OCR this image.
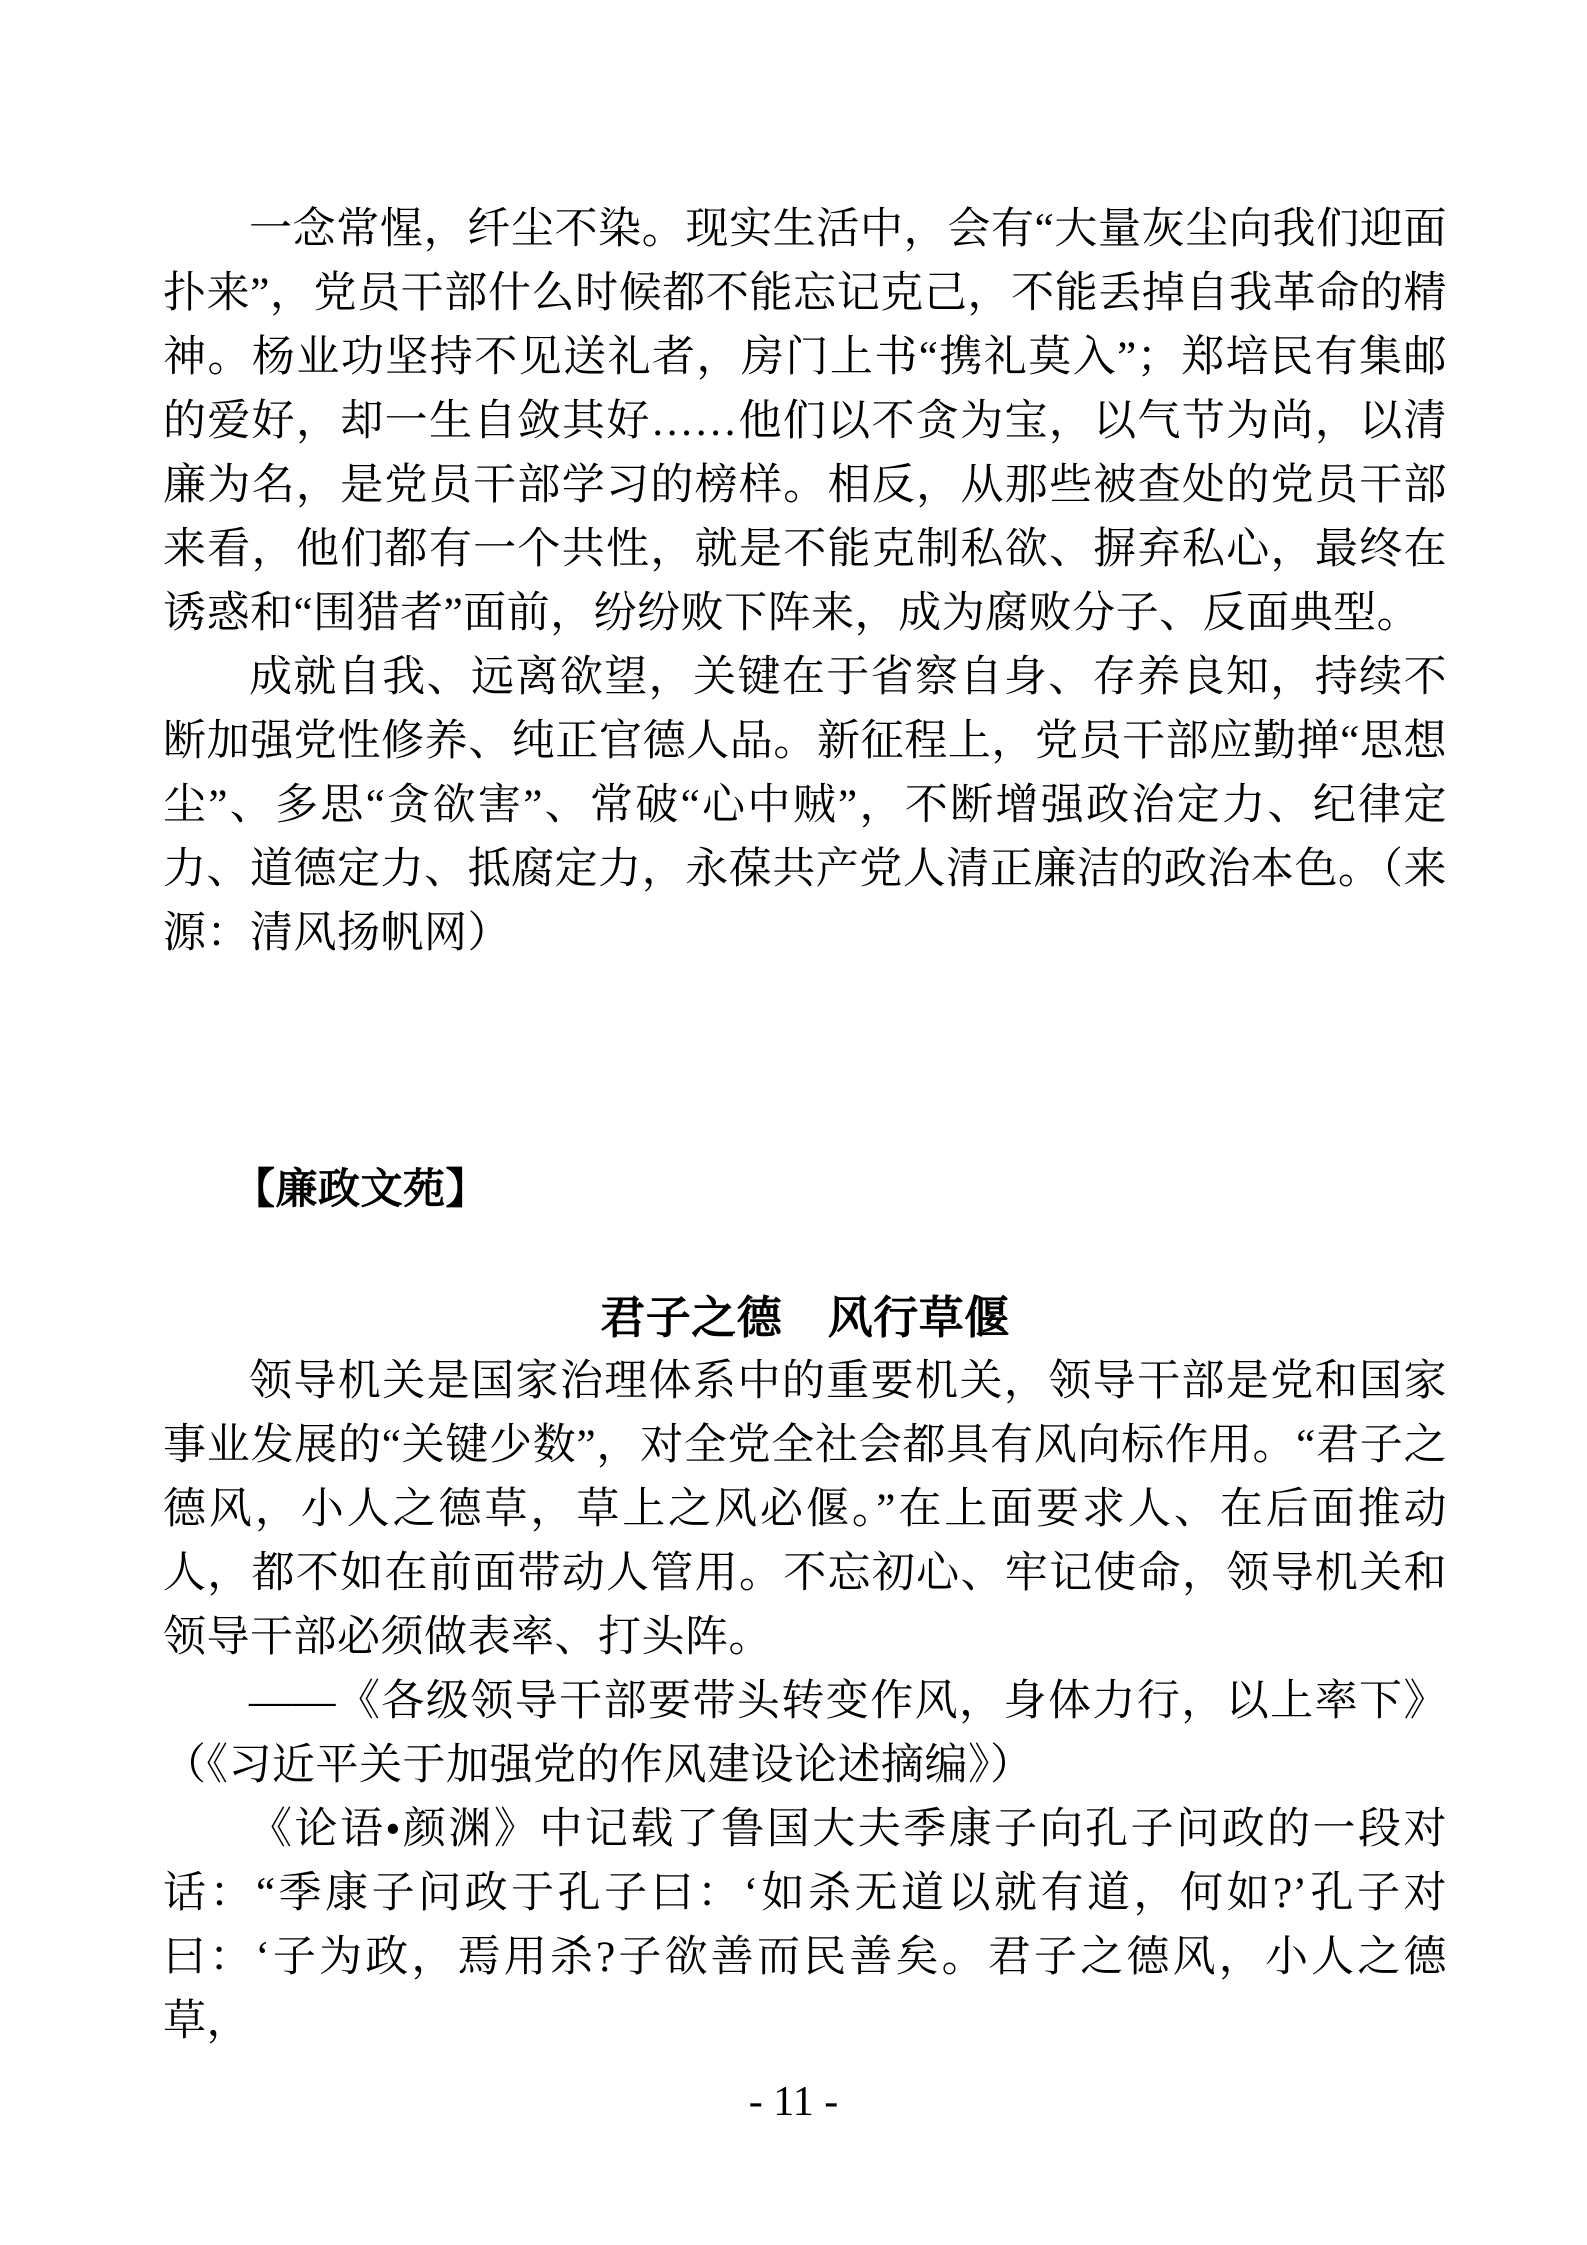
一念常惺，纤尘不染。现实生活中，会有“大量灰尘向我们迎面扑来”，党员干部什么时候都不能忘记克己，不能丢掉自我革命的精神。杨业功坚持不见送礼者，房门上书“携礼莫入”；郑培民有集邮的爱好，却一生自敛其好……他们以不贪为宝，以气节为尚，以清廉为名，是党员干部学习的榜样。相反，从那些被查处的党员干部来看，他们都有一个共性，就是不能克制私欲、摒弃私心，最终在诱惑和“围猎者”面前，纷纷败下阵来，成为腐败分子、反面典型。

成就自我、远离欲望，关键在于省察自身、存养良知，持续不断加强党性修养、纯正官德人品。新征程上，党员干部应勤掸“思想尘”、多思“贪欲害”、常破“心中贼”，不断增强政治定力、纪律定力、道德定力、抵腐定力，永葆共产党人清正廉洁的政治本色。（来源：清风扬帆网）

【廉政文苑】

君子之德　风行草偃

领导机关是国家治理体系中的重要机关，领导干部是党和国家事业发展的“关键少数”，对全党全社会都具有风向标作用。“君子之德风，小人之德草，草上之风必偃。”在上面要求人、在后面推动人，都不如在前面带动人管用。不忘初心、牢记使命，领导机关和领导干部必须做表率、打头阵。

——《各级领导干部要带头转变作风，身体力行，以上率下》

（《习近平关于加强党的作风建设论述摘编》）

《论语•颜渊》中记载了鲁国大夫季康子向孔子问政的一段对话：“季康子问政于孔子曰：‘如杀无道以就有道，何如?’孔子对曰：‘子为政，焉用杀?子欲善而民善矣。君子之德风，小人之德草，

- 11 -
